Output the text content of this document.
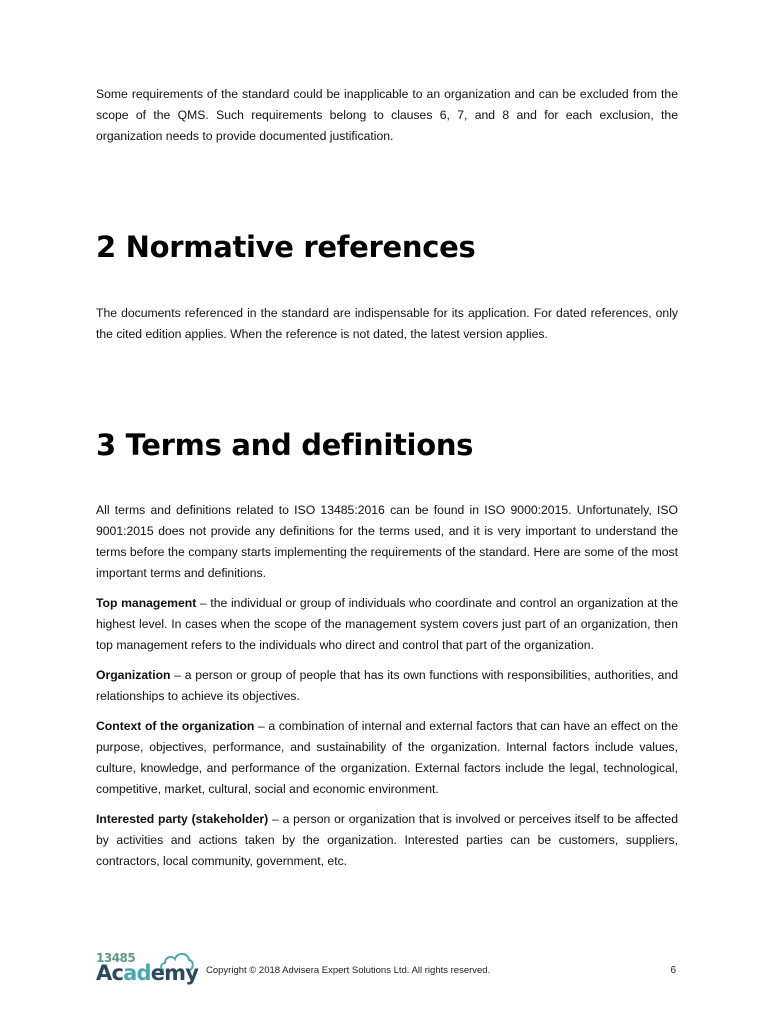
Some requirements of the standard could be inapplicable to an organization and can be excluded from the scope of the QMS. Such requirements belong to clauses 6, 7, and 8 and for each exclusion, the organization needs to provide documented justification.

2 Normative references

The documents referenced in the standard are indispensable for its application. For dated references, only the cited edition applies. When the reference is not dated, the latest version applies.

3 Terms and definitions

All terms and definitions related to ISO 13485:2016 can be found in ISO 9000:2015. Unfortunately, ISO 9001:2015 does not provide any definitions for the terms used, and it is very important to understand the terms before the company starts implementing the requirements of the standard. Here are some of the most important terms and definitions.

Top management – the individual or group of individuals who coordinate and control an organization at the highest level. In cases when the scope of the management system covers just part of an organization, then top management refers to the individuals who direct and control that part of the organization.

Organization – a person or group of people that has its own functions with responsibilities, authorities, and relationships to achieve its objectives.

Context of the organization – a combination of internal and external factors that can have an effect on the purpose, objectives, performance, and sustainability of the organization. Internal factors include values, culture, knowledge, and performance of the organization. External factors include the legal, technological, competitive, market, cultural, social and economic environment.

Interested party (stakeholder) – a person or organization that is involved or perceives itself to be affected by activities and actions taken by the organization. Interested parties can be customers, suppliers, contractors, local community, government, etc.

13485
Academy Copyright © 2018 Advisera Expert Solutions Ltd. All rights reserved.	6
